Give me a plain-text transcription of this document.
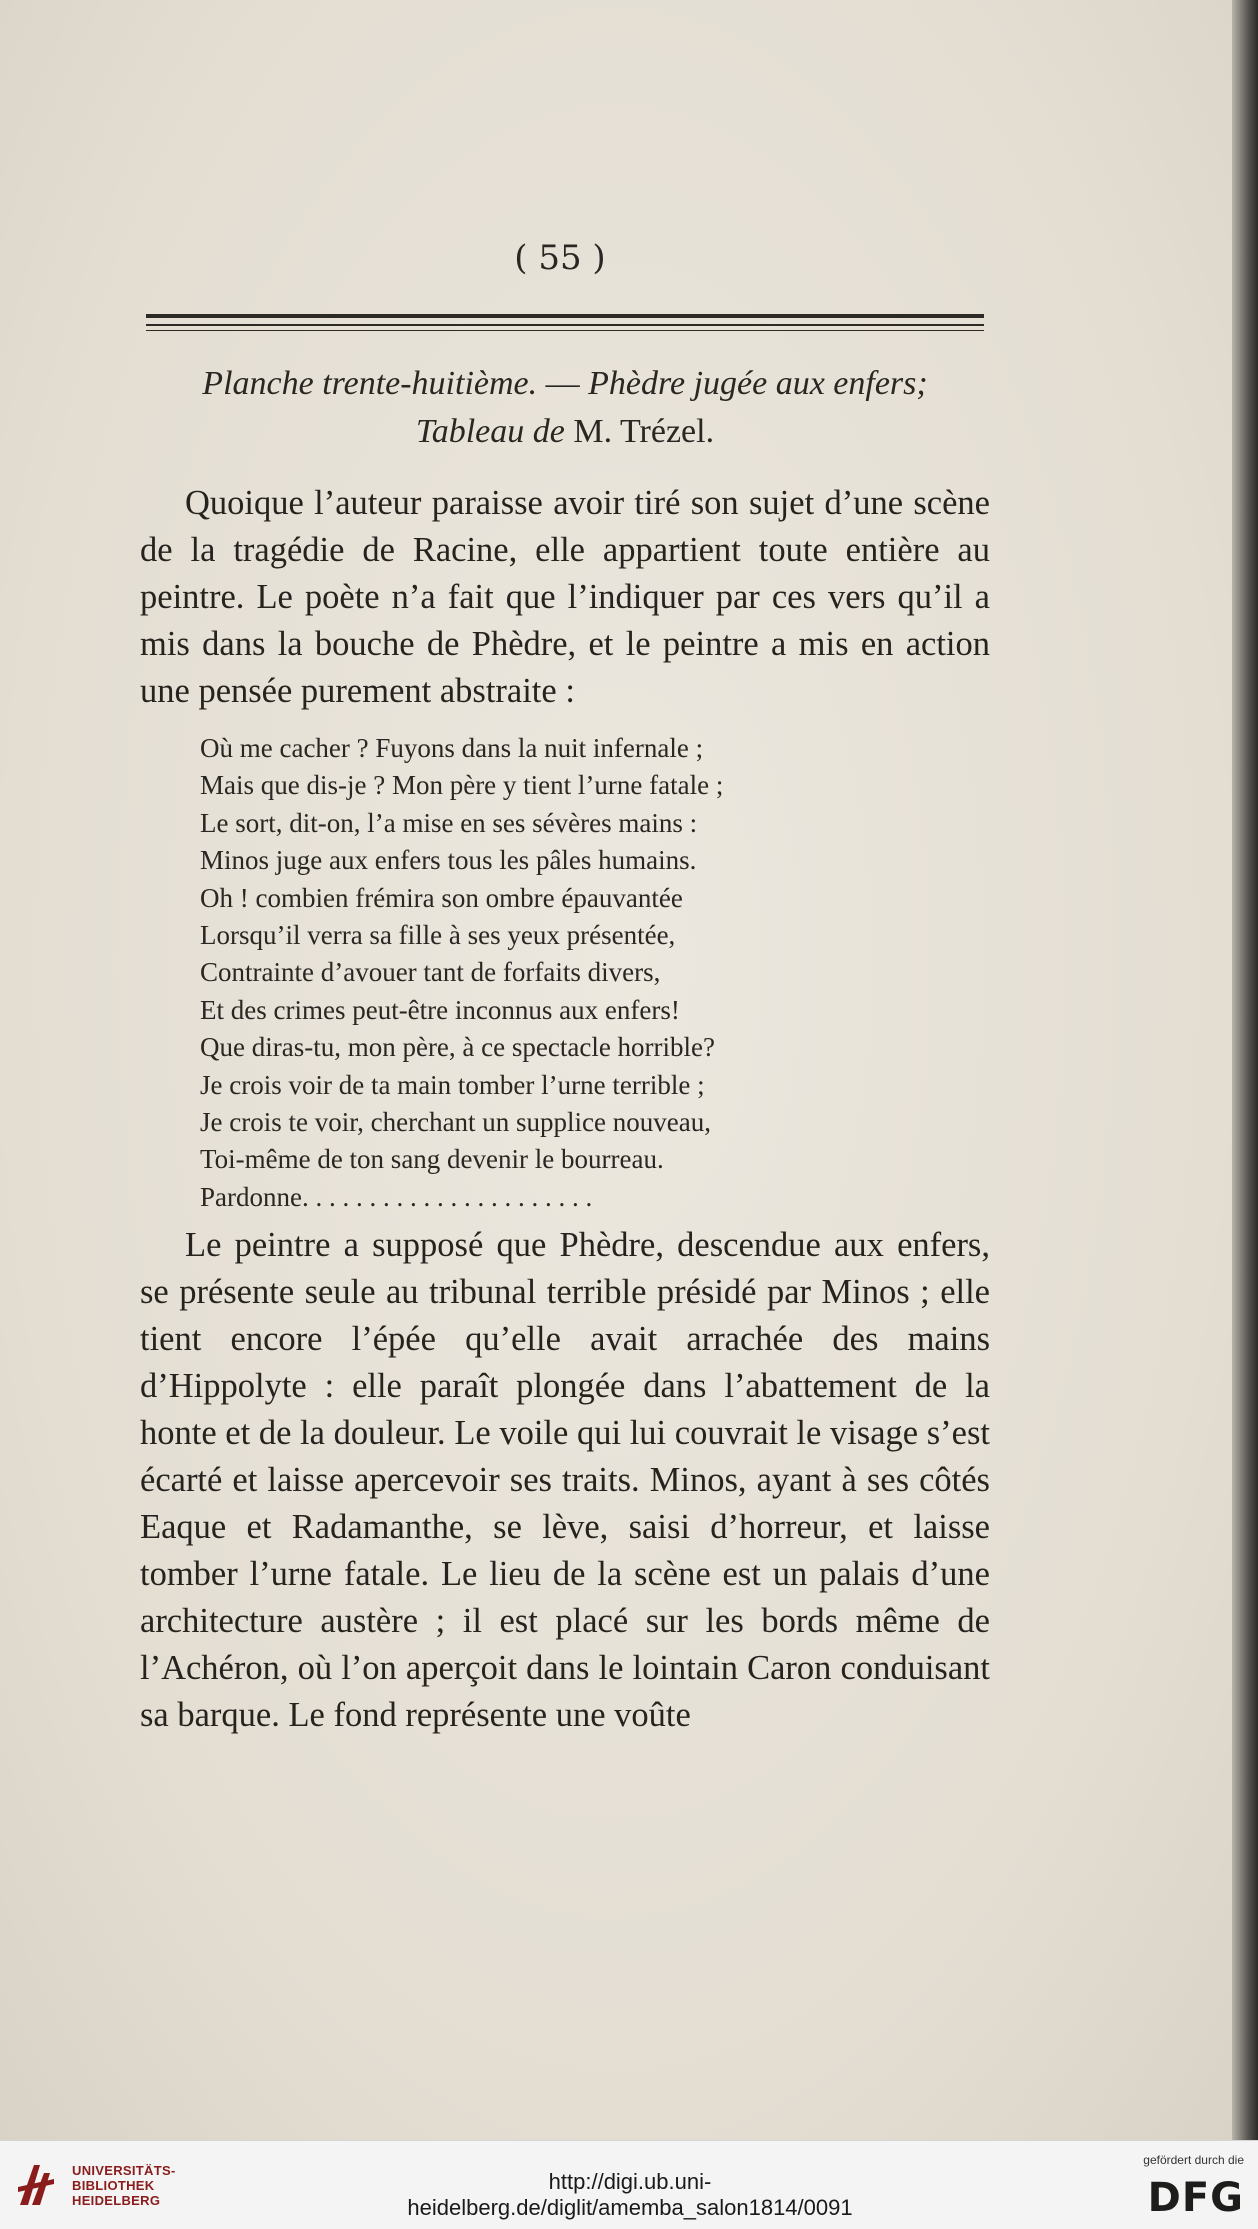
( 55 )
Planche trente-huitième. — Phèdre jugée aux enfers;
Tableau de M. Trézel.

Quoique l’auteur paraisse avoir tiré son sujet d’une scène de la tragédie de Racine, elle appartient toute entière au peintre. Le poète n’a fait que l’indiquer par ces vers qu’il a mis dans la bouche de Phèdre, et le peintre a mis en action une pensée purement abstraite :

Où me cacher ? Fuyons dans la nuit infernale ;
Mais que dis-je ? Mon père y tient l’urne fatale ;
Le sort, dit-on, l’a mise en ses sévères mains :
Minos juge aux enfers tous les pâles humains.
Oh ! combien frémira son ombre épauvantée
Lorsqu’il verra sa fille à ses yeux présentée,
Contrainte d’avouer tant de forfaits divers,
Et des crimes peut-être inconnus aux enfers!
Que diras-tu, mon père, à ce spectacle horrible?
Je crois voir de ta main tomber l’urne terrible ;
Je crois te voir, cherchant un supplice nouveau,
Toi-même de ton sang devenir le bourreau.
Pardonne. . . . . . . . . . . . . . . . . . . . . .

Le peintre a supposé que Phèdre, descendue aux enfers, se présente seule au tribunal terrible présidé par Minos ; elle tient encore l’épée qu’elle avait arrachée des mains d’Hippolyte : elle paraît plongée dans l’abattement de la honte et de la douleur. Le voile qui lui couvrait le visage s’est écarté et laisse apercevoir ses traits. Minos, ayant à ses côtés Eaque et Radamanthe, se lève, saisi d’horreur, et laisse tomber l’urne fatale. Le lieu de la scène est un palais d’une architecture austère ; il est placé sur les bords même de l’Achéron, où l’on aperçoit dans le lointain Caron conduisant sa barque. Le fond représente une voûte

UNIVERSITÄTS-
BIBLIOTHEK
HEIDELBERG
http://digi.ub.uni-heidelberg.de/diglit/amemba_salon1814/0091
gefördert durch die
DFG
